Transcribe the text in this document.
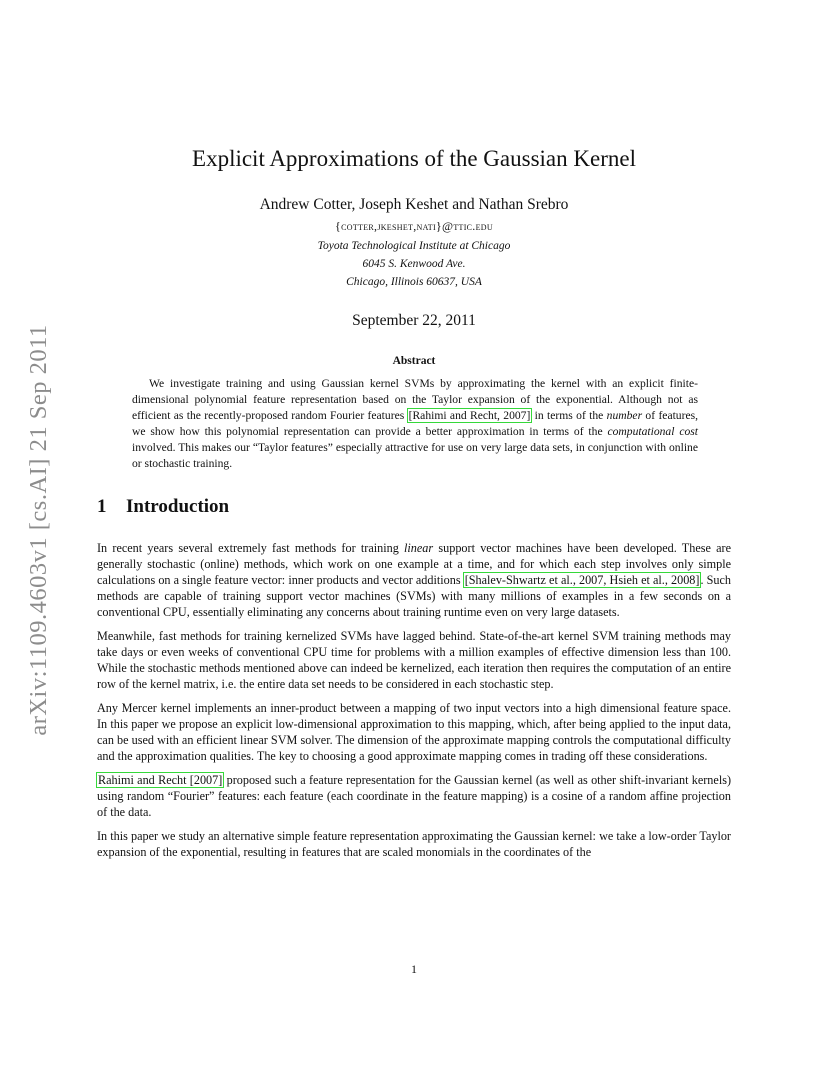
arXiv:1109.4603v1 [cs.AI] 21 Sep 2011
Explicit Approximations of the Gaussian Kernel
Andrew Cotter, Joseph Keshet and Nathan Srebro
{cotter,jkeshet,nati}@ttic.edu
Toyota Technological Institute at Chicago
6045 S. Kenwood Ave.
Chicago, Illinois 60637, USA
September 22, 2011
Abstract
We investigate training and using Gaussian kernel SVMs by approximating the kernel with an explicit finite-dimensional polynomial feature representation based on the Taylor expansion of the exponential. Although not as efficient as the recently-proposed random Fourier features [Rahimi and Recht, 2007] in terms of the number of features, we show how this polynomial representation can provide a better approximation in terms of the computational cost involved. This makes our “Taylor features” especially attractive for use on very large data sets, in conjunction with online or stochastic training.
1 Introduction

In recent years several extremely fast methods for training linear support vector machines have been developed. These are generally stochastic (online) methods, which work on one example at a time, and for which each step involves only simple calculations on a single feature vector: inner products and vector additions [Shalev-Shwartz et al., 2007, Hsieh et al., 2008]. Such methods are capable of training support vector machines (SVMs) with many millions of examples in a few seconds on a conventional CPU, essentially eliminating any concerns about training runtime even on very large datasets.

Meanwhile, fast methods for training kernelized SVMs have lagged behind. State-of-the-art kernel SVM training methods may take days or even weeks of conventional CPU time for problems with a million examples of effective dimension less than 100. While the stochastic methods mentioned above can indeed be kernelized, each iteration then requires the computation of an entire row of the kernel matrix, i.e. the entire data set needs to be considered in each stochastic step.

Any Mercer kernel implements an inner-product between a mapping of two input vectors into a high dimensional feature space. In this paper we propose an explicit low-dimensional approximation to this mapping, which, after being applied to the input data, can be used with an efficient linear SVM solver. The dimension of the approximate mapping controls the computational difficulty and the approximation qualities. The key to choosing a good approximate mapping comes in trading off these considerations.

Rahimi and Recht [2007] proposed such a feature representation for the Gaussian kernel (as well as other shift-invariant kernels) using random “Fourier” features: each feature (each coordinate in the feature mapping) is a cosine of a random affine projection of the data.

In this paper we study an alternative simple feature representation approximating the Gaussian kernel: we take a low-order Taylor expansion of the exponential, resulting in features that are scaled monomials in the coordinates of the

1
